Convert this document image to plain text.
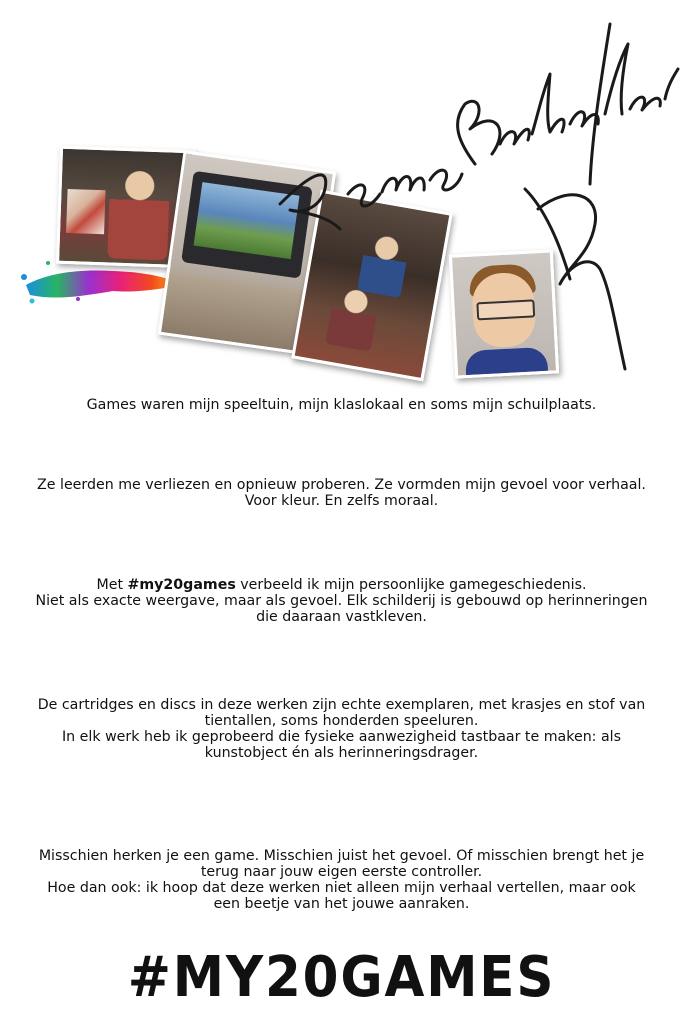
Games waren mijn speeltuin, mijn klaslokaal en soms mijn schuilplaats.
Ze leerden me verliezen en opnieuw proberen. Ze vormden mijn gevoel voor verhaal.
Voor kleur. En zelfs moraal.
Met #my20games verbeeld ik mijn persoonlijke gamegeschiedenis.
Niet als exacte weergave, maar als gevoel. Elk schilderij is gebouwd op herinneringen
die daaraan vastkleven.
De cartridges en discs in deze werken zijn echte exemplaren, met krasjes en stof van
tientallen, soms honderden speeluren.
In elk werk heb ik geprobeerd die fysieke aanwezigheid tastbaar te maken: als
kunstobject én als herinneringsdrager.
Misschien herken je een game. Misschien juist het gevoel. Of misschien brengt het je
terug naar jouw eigen eerste controller.
Hoe dan ook: ik hoop dat deze werken niet alleen mijn verhaal vertellen, maar ook
een beetje van het jouwe aanraken.
#MY20GAMES
